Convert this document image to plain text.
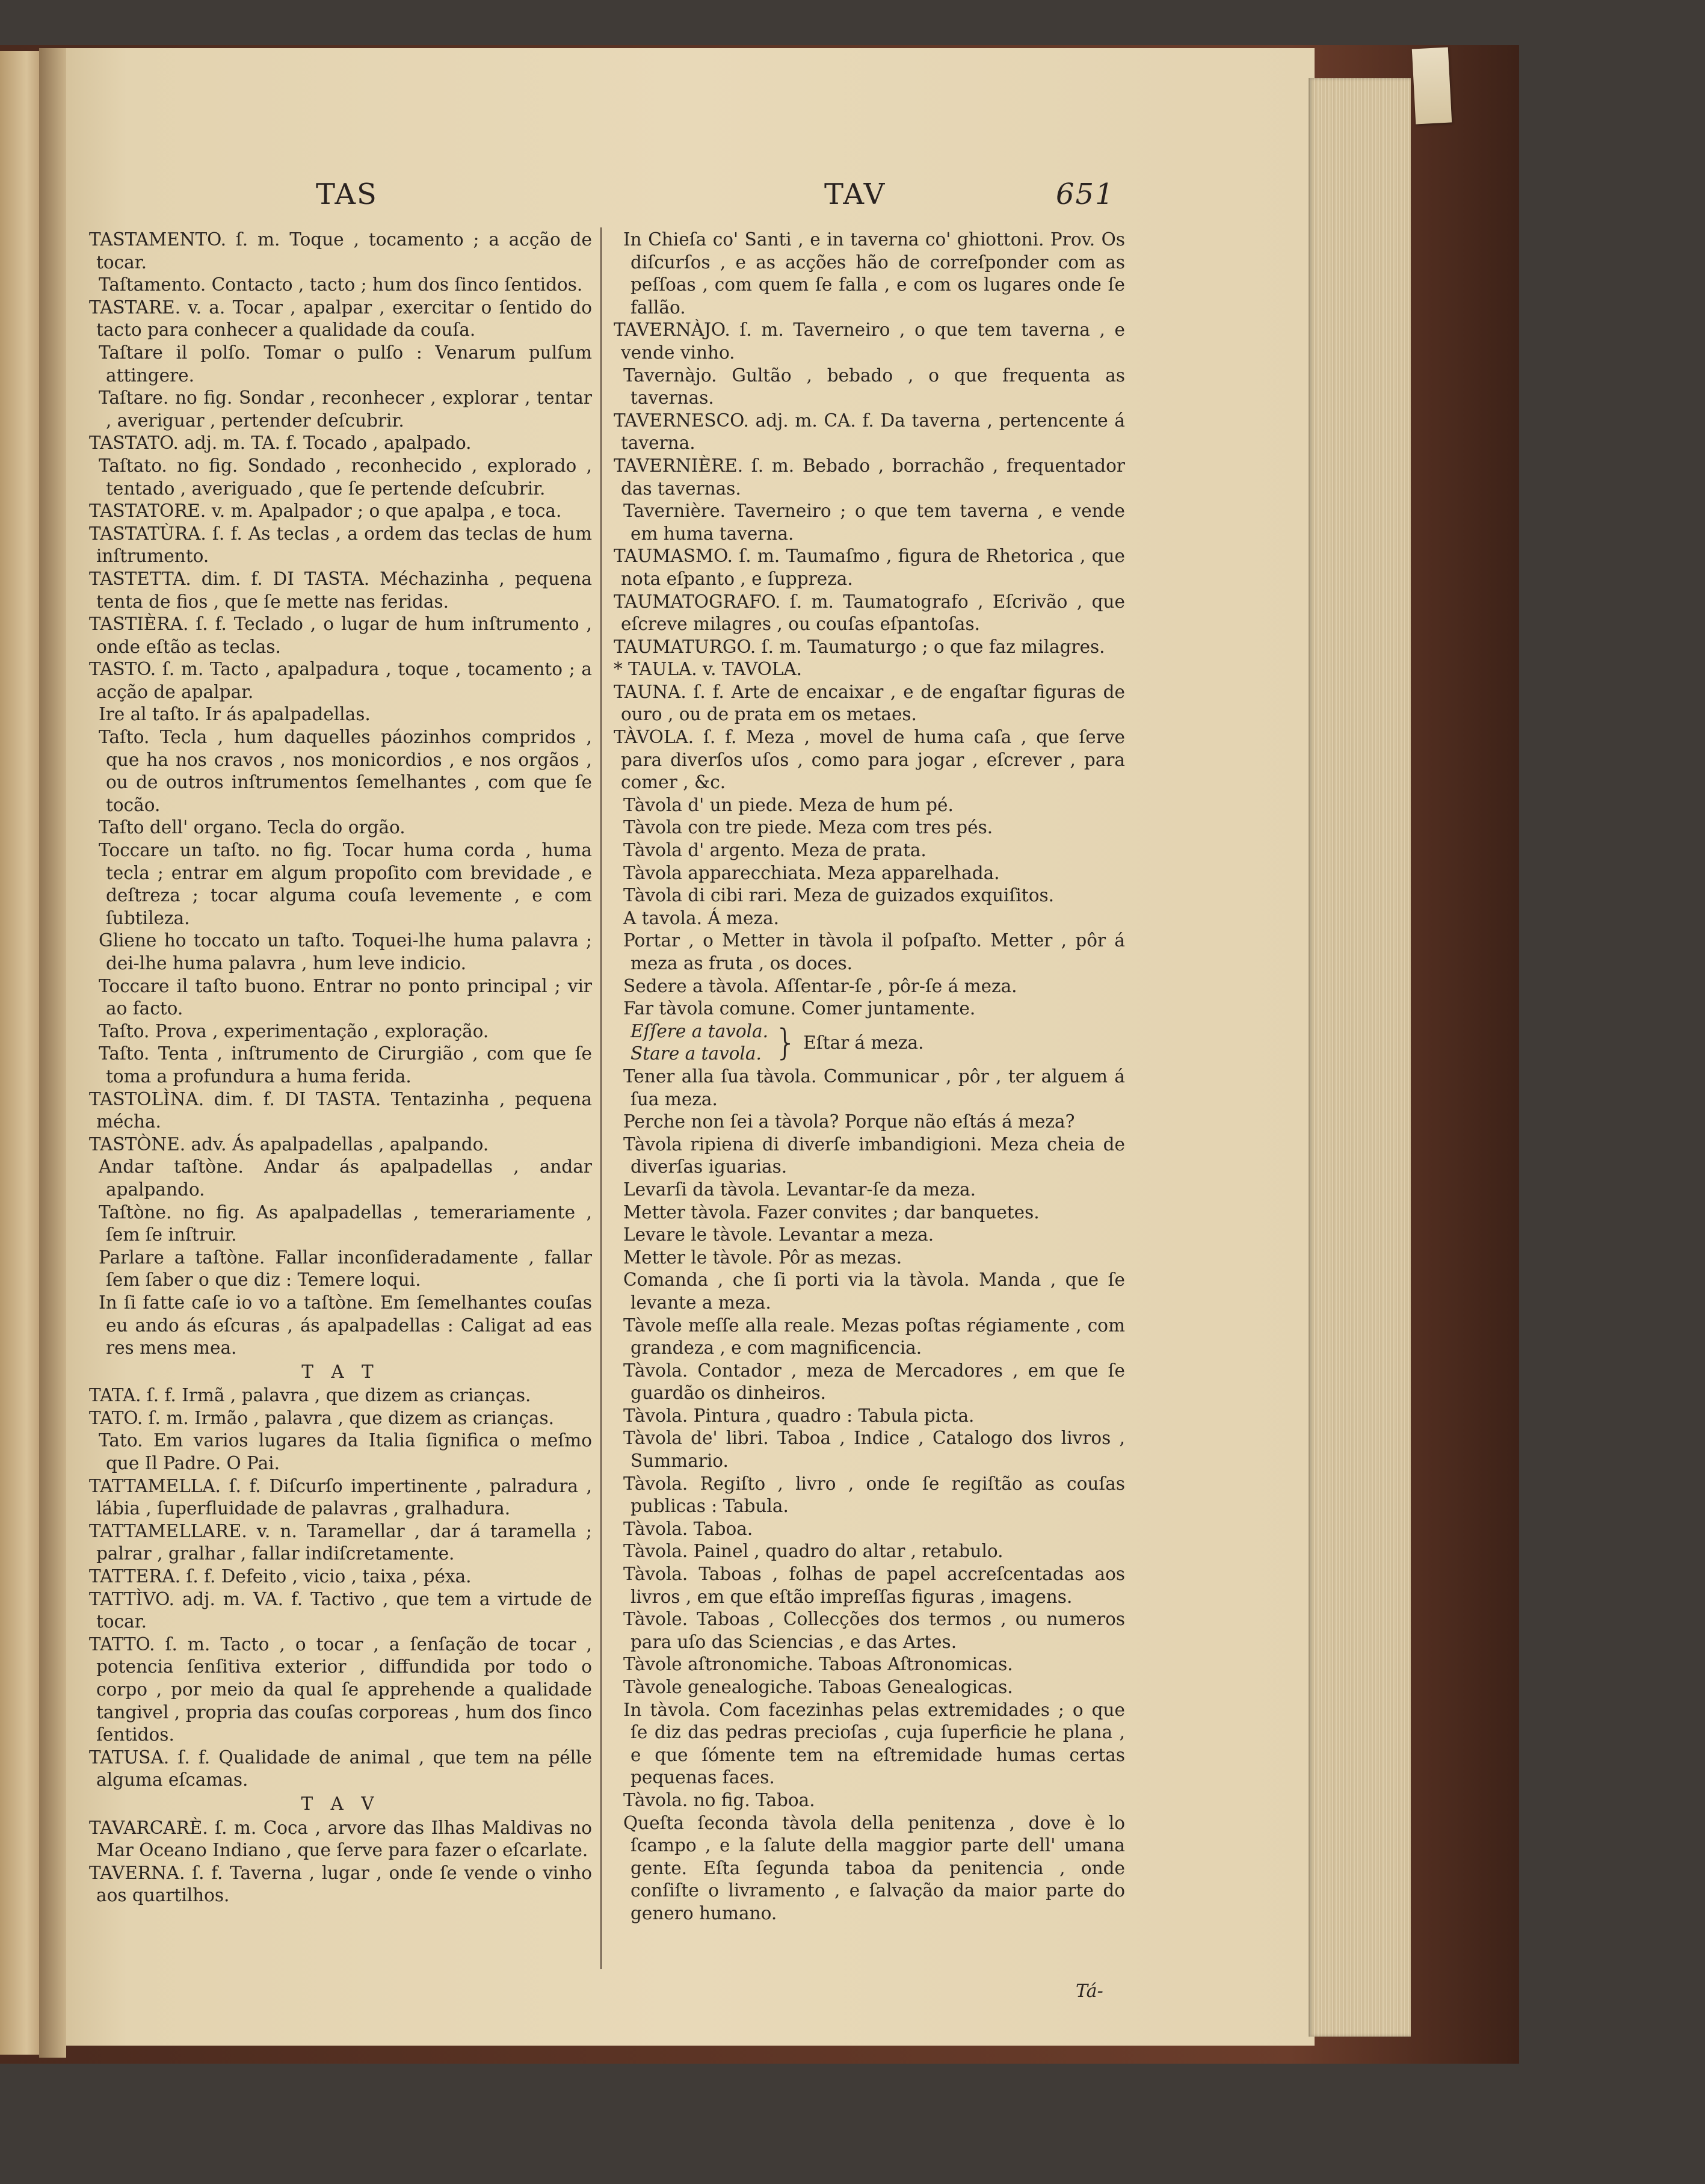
TAS	TAV	651

TASTAMENTO. ſ. m. Toque , tocamento ; a acção de tocar.

Taſtamento. Contacto , tacto ; hum dos ſinco ſentidos.

TASTARE. v. a. Tocar , apalpar , exercitar o ſentido do tacto para conhecer a qualidade da couſa.

Taſtare il polſo. Tomar o pulſo : Venarum pulſum attingere.

Taſtare. no fig. Sondar , reconhecer , explorar , tentar , averiguar , pertender deſcubrir.

TASTATO. adj. m. TA. f. Tocado , apalpado.

Taſtato. no fig. Sondado , reconhecido , explorado , tentado , averiguado , que ſe pertende deſcubrir.

TASTATORE. v. m. Apalpador ; o que apalpa , e toca.

TASTATÙRA. ſ. f. As teclas , a ordem das teclas de hum inſtrumento.

TASTETTA. dim. f. DI TASTA. Méchazinha , pequena tenta de fios , que ſe mette nas feridas.

TASTIÈRA. ſ. f. Teclado , o lugar de hum inſtrumento , onde eſtão as teclas.

TASTO. ſ. m. Tacto , apalpadura , toque , tocamento ; a acção de apalpar.

Ire al taſto. Ir ás apalpadellas.

Taſto. Tecla , hum daquelles páozinhos compridos , que ha nos cravos , nos monicordios , e nos orgãos , ou de outros inſtrumentos ſemelhantes , com que ſe tocão.

Taſto dell' organo. Tecla do orgão.

Toccare un taſto. no fig. Tocar huma corda , huma tecla ; entrar em algum propoſito com brevidade , e deſtreza ; tocar alguma couſa levemente , e com ſubtileza.

Gliene ho toccato un taſto. Toquei-lhe huma palavra ; dei-lhe huma palavra , hum leve indicio.

Toccare il taſto buono. Entrar no ponto principal ; vir ao facto.

Taſto. Prova , experimentação , exploração.

Taſto. Tenta , inſtrumento de Cirurgião , com que ſe toma a profundura a huma ferida.

TASTOLÌNA. dim. f. DI TASTA. Tentazinha , pequena mécha.

TASTÒNE. adv. Ás apalpadellas , apalpando.

Andar taſtòne. Andar ás apalpadellas , andar apalpando.

Taſtòne. no fig. As apalpadellas , temerariamente , ſem ſe inſtruir.

Parlare a taſtòne. Fallar inconſideradamente , fallar ſem ſaber o que diz : Temere loqui.

In ſi fatte caſe io vo a taſtòne. Em ſemelhantes couſas eu ando ás eſcuras , ás apalpadellas : Caligat ad eas res mens mea.

T A T

TATA. ſ. f. Irmã , palavra , que dizem as crianças.

TATO. ſ. m. Irmão , palavra , que dizem as crianças.

Tato. Em varios lugares da Italia ſignifica o meſmo que Il Padre. O Pai.

TATTAMELLA. ſ. f. Diſcurſo impertinente , palradura , lábia , ſuperfluidade de palavras , gralhadura.

TATTAMELLARE. v. n. Taramellar , dar á taramella ; palrar , gralhar , fallar indiſcretamente.

TATTERA. ſ. f. Defeito , vicio , taixa , péxa.

TATTÌVO. adj. m. VA. f. Tactivo , que tem a virtude de tocar.

TATTO. ſ. m. Tacto , o tocar , a ſenſação de tocar , potencia ſenſitiva exterior , diffundida por todo o corpo , por meio da qual ſe apprehende a qualidade tangivel , propria das couſas corporeas , hum dos ſinco ſentidos.

TATUSA. ſ. f. Qualidade de animal , que tem na pélle alguma eſcamas.

T A V

TAVARCARÈ. ſ. m. Coca , arvore das Ilhas Maldivas no Mar Oceano Indiano , que ſerve para fazer o eſcarlate.

TAVERNA. ſ. f. Taverna , lugar , onde ſe vende o vinho aos quartilhos.

In Chieſa co' Santi , e in taverna co' ghiottoni. Prov. Os diſcurſos , e as acções hão de correſponder com as peſſoas , com quem ſe falla , e com os lugares onde ſe fallão.

TAVERNÀJO. ſ. m. Taverneiro , o que tem taverna , e vende vinho.

Tavernàjo. Gultão , bebado , o que frequenta as tavernas.

TAVERNESCO. adj. m. CA. f. Da taverna , pertencente á taverna.

TAVERNIÈRE. ſ. m. Bebado , borrachão , frequentador das tavernas.

Tavernière. Taverneiro ; o que tem taverna , e vende em huma taverna.

TAUMASMO. ſ. m. Taumaſmo , figura de Rhetorica , que nota eſpanto , e ſuppreza.

TAUMATOGRAFO. ſ. m. Taumatografo , Eſcrivão , que eſcreve milagres , ou couſas eſpantoſas.

TAUMATURGO. ſ. m. Taumaturgo ; o que faz milagres.

* TAULA. v. TAVOLA.

TAUNA. ſ. f. Arte de encaixar , e de engaſtar figuras de ouro , ou de prata em os metaes.

TÀVOLA. ſ. f. Meza , movel de huma caſa , que ſerve para diverſos uſos , como para jogar , eſcrever , para comer , &c.

Tàvola d' un piede. Meza de hum pé.

Tàvola con tre piede. Meza com tres pés.

Tàvola d' argento. Meza de prata.

Tàvola apparecchiata. Meza apparelhada.

Tàvola di cibi rari. Meza de guizados exquiſitos.

A tavola. Á meza.

Portar , o Metter in tàvola il poſpaſto. Metter , pôr á meza as fruta , os doces.

Sedere a tàvola. Aſſentar-ſe , pôr-ſe á meza.

Far tàvola comune. Comer juntamente.

Eſſere a tavola.
Stare a tavola. } Eſtar á meza.

Tener alla ſua tàvola. Communicar , pôr , ter alguem á ſua meza.

Perche non ſei a tàvola? Porque não eſtás á meza?

Tàvola ripiena di diverſe imbandigioni. Meza cheia de diverſas iguarias.

Levarſi da tàvola. Levantar-ſe da meza.

Metter tàvola. Fazer convites ; dar banquetes.

Levare le tàvole. Levantar a meza.

Metter le tàvole. Pôr as mezas.

Comanda , che ſi porti via la tàvola. Manda , que ſe levante a meza.

Tàvole meſſe alla reale. Mezas poſtas régiamente , com grandeza , e com magnificencia.

Tàvola. Contador , meza de Mercadores , em que ſe guardão os dinheiros.

Tàvola. Pintura , quadro : Tabula picta.

Tàvola de' libri. Taboa , Indice , Catalogo dos livros , Summario.

Tàvola. Regiſto , livro , onde ſe regiſtão as couſas publicas : Tabula.

Tàvola. Taboa.

Tàvola. Painel , quadro do altar , retabulo.

Tàvola. Taboas , folhas de papel accreſcentadas aos livros , em que eſtão impreſſas figuras , imagens.

Tàvole. Taboas , Collecções dos termos , ou numeros para uſo das Sciencias , e das Artes.

Tàvole aſtronomiche. Taboas Aſtronomicas.

Tàvole genealogiche. Taboas Genealogicas.

In tàvola. Com facezinhas pelas extremidades ; o que ſe diz das pedras precioſas , cuja ſuperficie he plana , e que ſómente tem na eſtremidade humas certas pequenas faces.

Tàvola. no fig. Taboa.

Queſta ſeconda tàvola della penitenza , dove è lo ſcampo , e la ſalute della maggior parte dell' umana gente. Eſta ſegunda taboa da penitencia , onde conſiſte o livramento , e ſalvação da maior parte do genero humano.

Tá-
